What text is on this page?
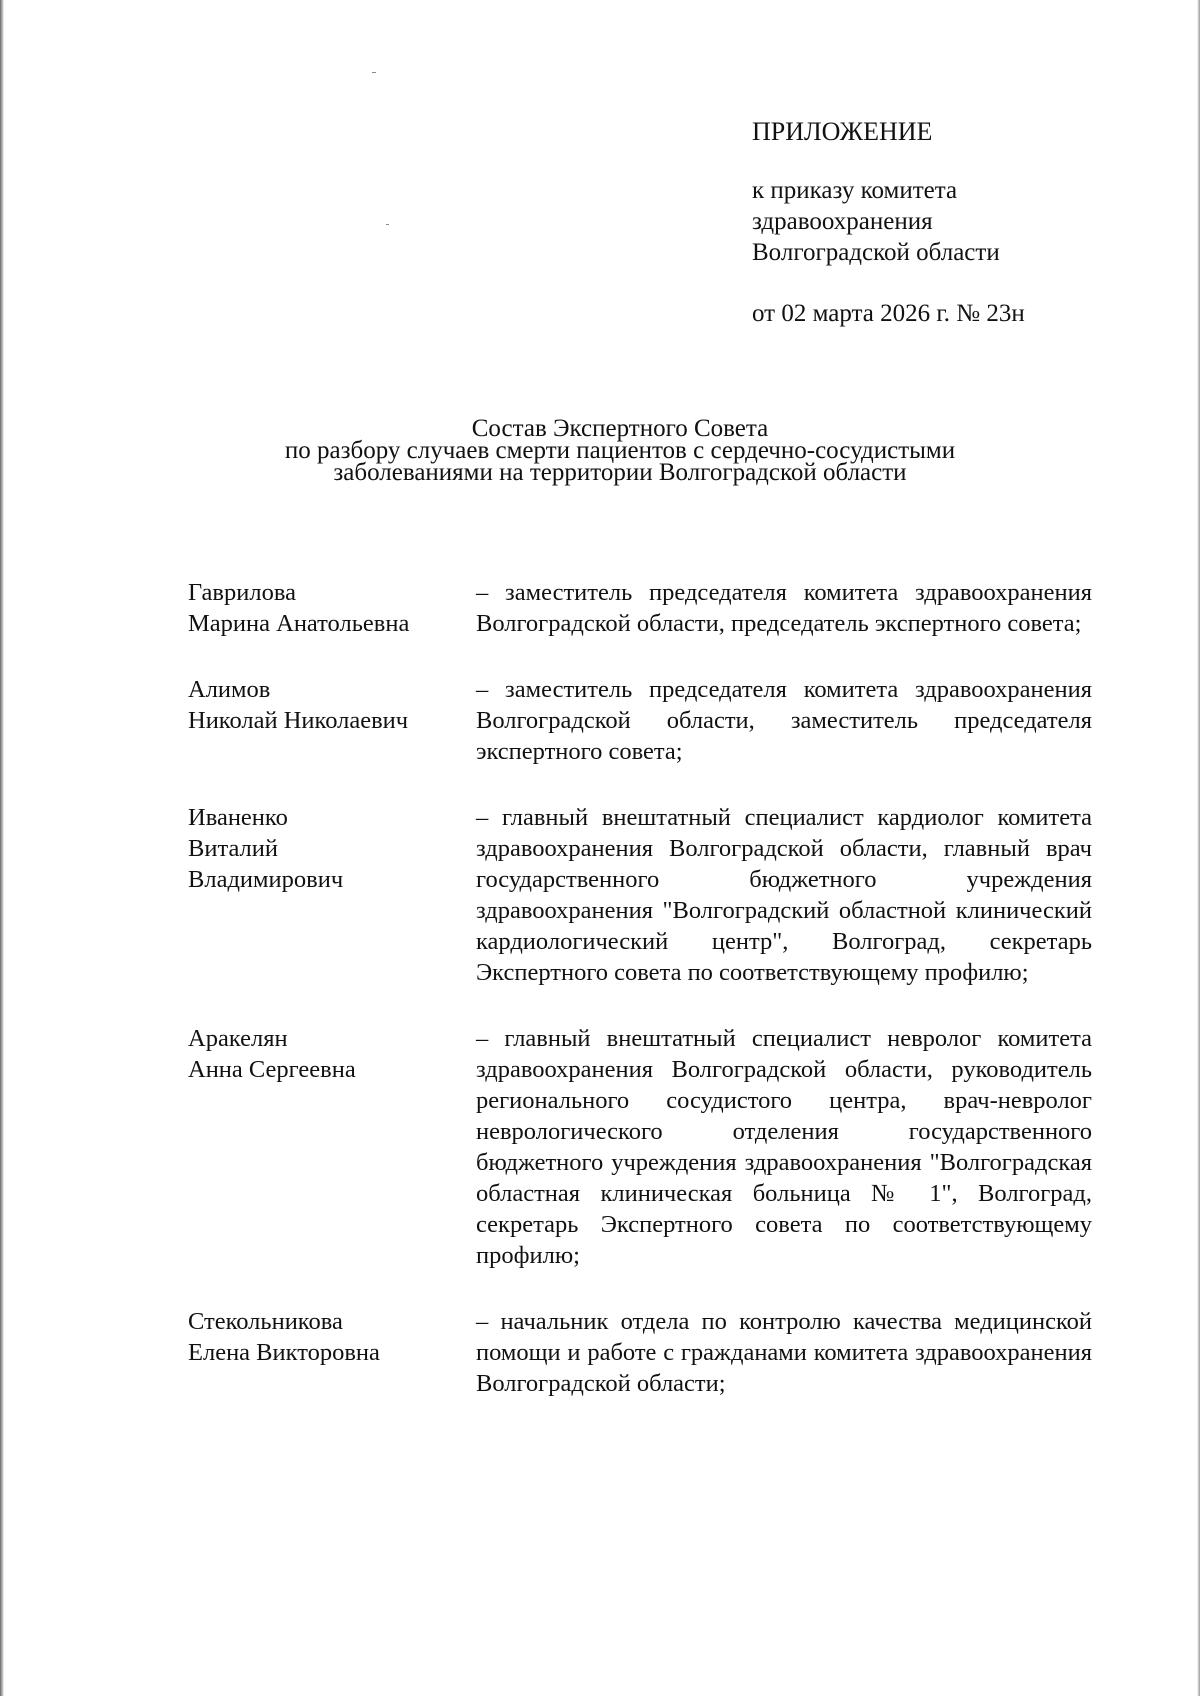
ПРИЛОЖЕНИЕ
к приказу комитета
здравоохранения
Волгоградской области
от 02 марта 2026 г. № 23н
Состав Экспертного Совета
по разбору случаев смерти пациентов с сердечно-сосудистыми
заболеваниями на территории Волгоградской области
Гаврилова
Марина Анатольевна
– заместитель председателя комитета здравоохранения Волгоградской области, председатель экспертного совета;
Алимов
Николай Николаевич
– заместитель председателя комитета здравоохранения Волгоградской области, заместитель председателя экспертного совета;
Иваненко
Виталий
Владимирович
– главный внештатный специалист кардиолог комитета здравоохранения Волгоградской области, главный врач государственного бюджетного учреждения здравоохранения "Волгоградский областной клинический кардиологический центр", Волгоград, секретарь Экспертного совета по соответствующему профилю;
Аракелян
Анна Сергеевна
– главный внештатный специалист невролог комитета здравоохранения Волгоградской области, руководитель регионального сосудистого центра, врач-невролог неврологического отделения государственного бюджетного учреждения здравоохранения "Волгоградская областная клиническая больница № 1", Волгоград, секретарь Экспертного совета по соответствующему профилю;
Стекольникова
Елена Викторовна
– начальник отдела по контролю качества медицинской помощи и работе с гражданами комитета здравоохранения Волгоградской области;
